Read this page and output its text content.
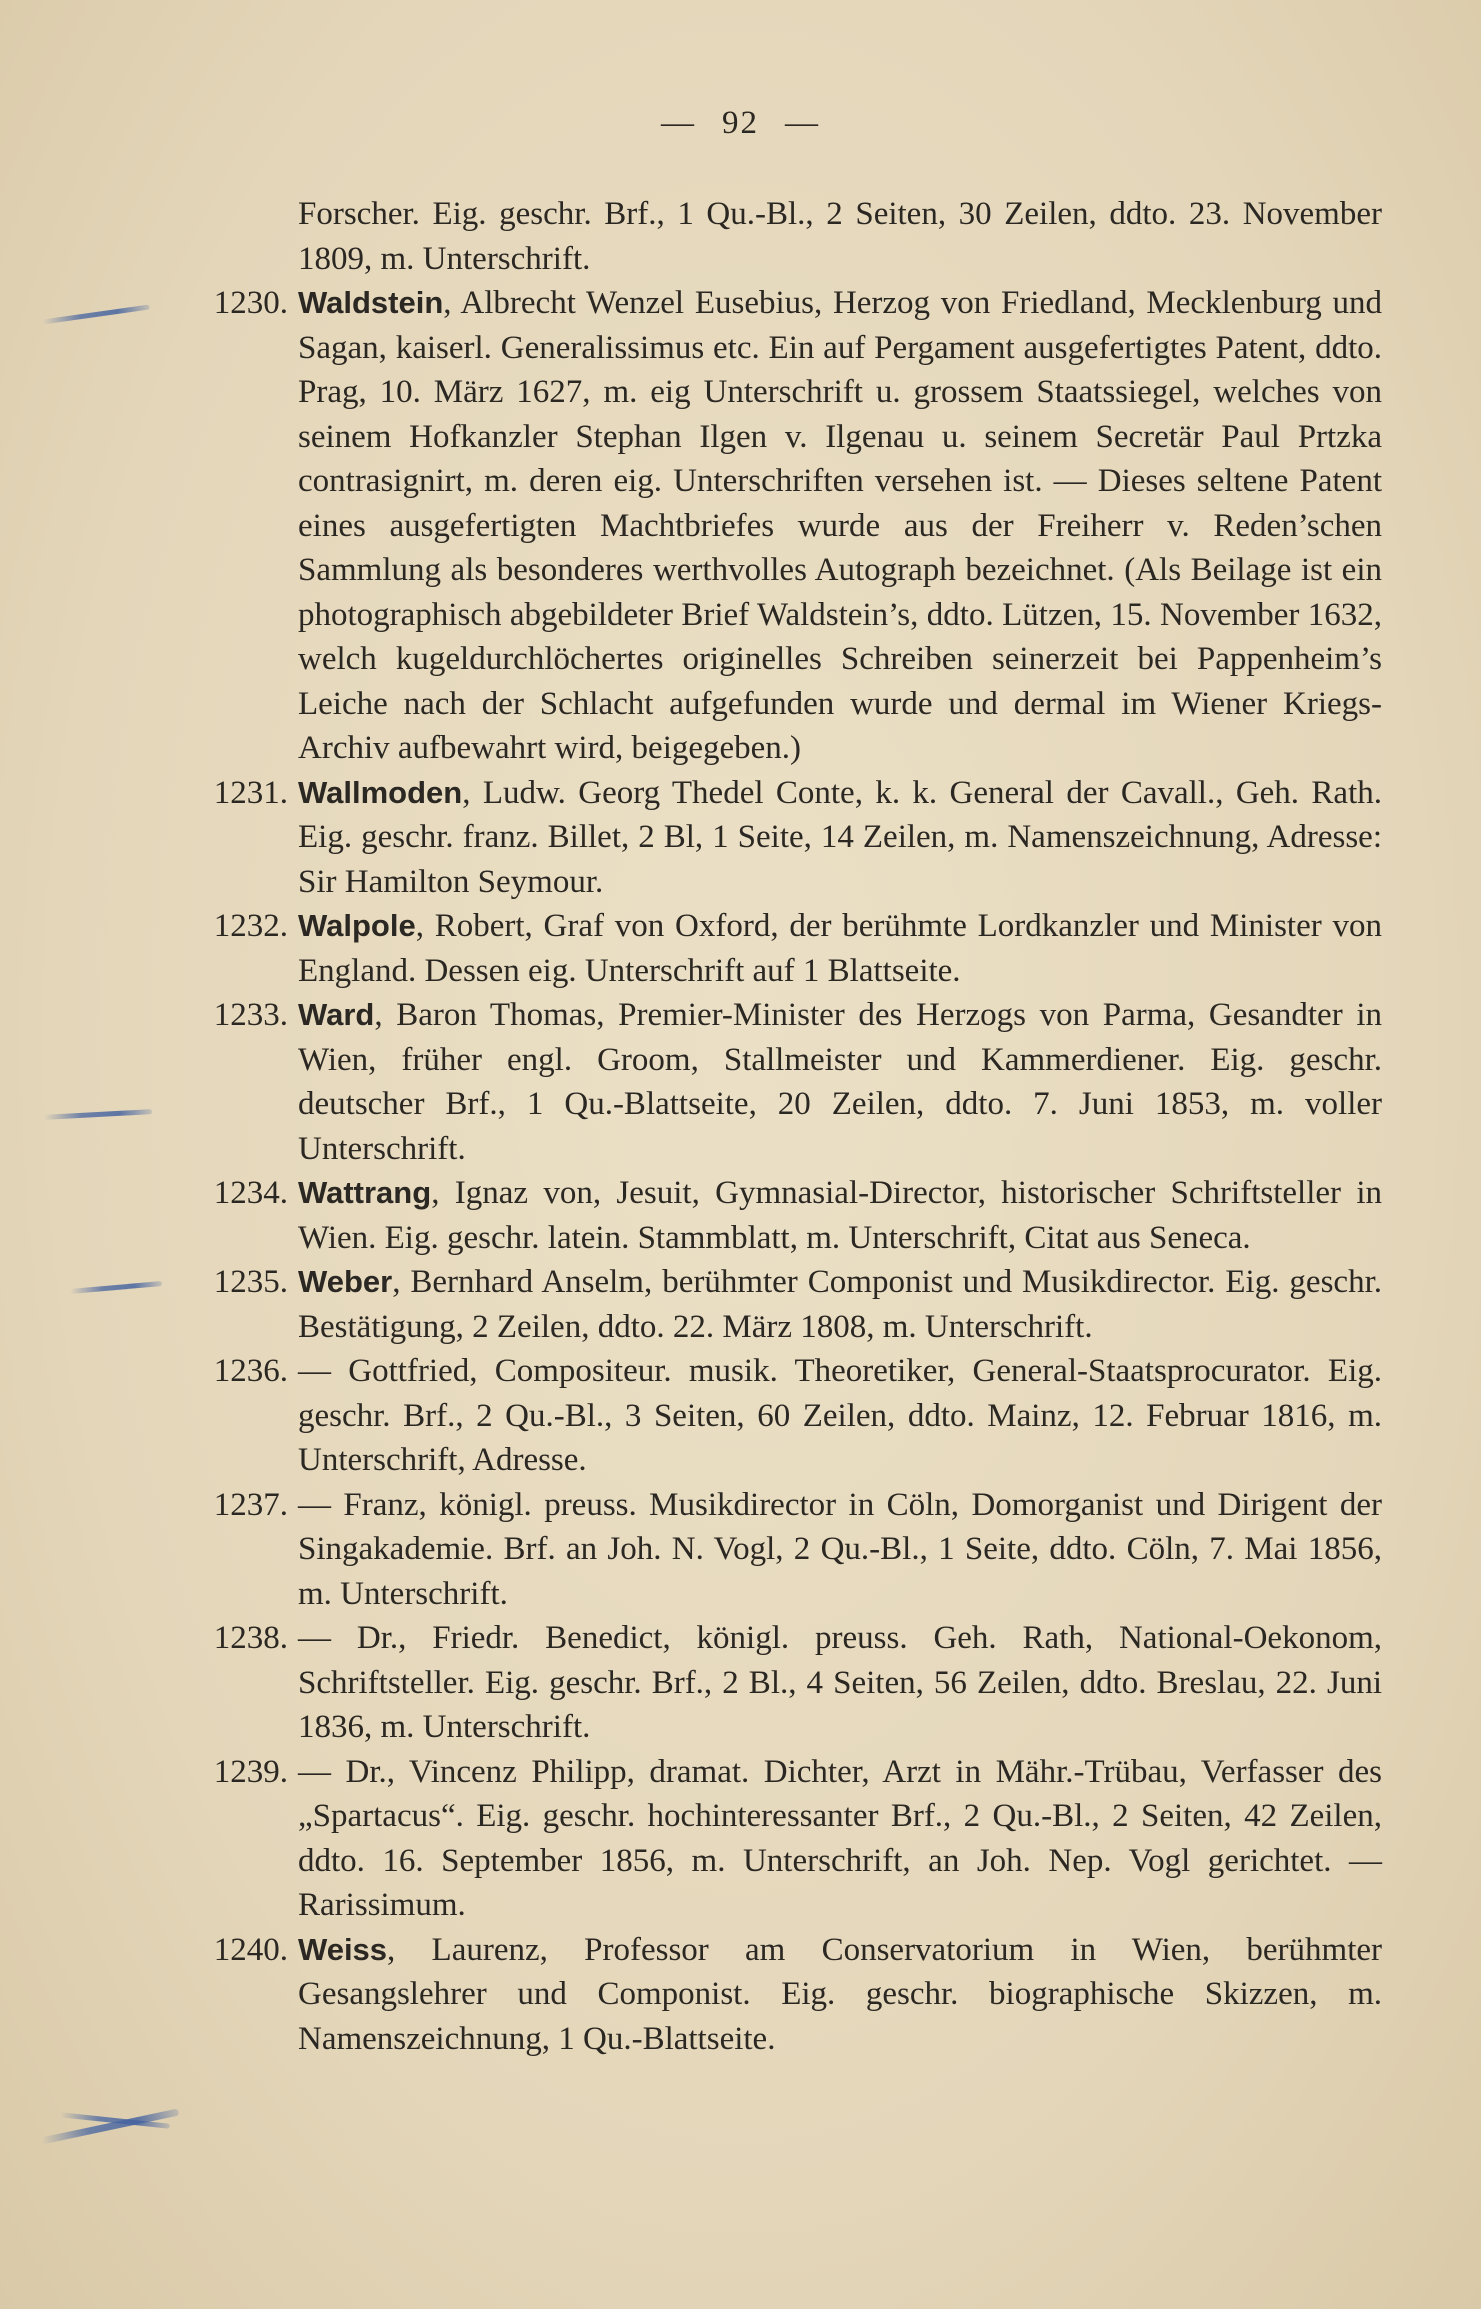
— 92 —
Forscher. Eig. geschr. Brf., 1 Qu.-Bl., 2 Seiten, 30 Zeilen, ddto. 23. November 1809, m. Unterschrift.
1230. Waldstein, Albrecht Wenzel Eusebius, Herzog von Friedland, Mecklenburg und Sagan, kaiserl. Generalissimus etc. Ein auf Pergament ausgefertigtes Patent, ddto. Prag, 10. März 1627, m. eig Unterschrift u. grossem Staatssiegel, welches von seinem Hofkanzler Stephan Ilgen v. Ilgenau u. seinem Secretär Paul Prtzka contrasignirt, m. deren eig. Unterschriften versehen ist. — Dieses seltene Patent eines ausgefertigten Machtbriefes wurde aus der Freiherr v. Reden’schen Sammlung als besonderes werthvolles Autograph bezeichnet. (Als Beilage ist ein photographisch abgebildeter Brief Waldstein’s, ddto. Lützen, 15. November 1632, welch kugeldurchlöchertes originelles Schreiben seinerzeit bei Pappenheim’s Leiche nach der Schlacht aufgefunden wurde und dermal im Wiener Kriegs-Archiv aufbewahrt wird, beigegeben.)
1231. Wallmoden, Ludw. Georg Thedel Conte, k. k. General der Cavall., Geh. Rath. Eig. geschr. franz. Billet, 2 Bl, 1 Seite, 14 Zeilen, m. Namenszeichnung, Adresse: Sir Hamilton Seymour.
1232. Walpole, Robert, Graf von Oxford, der berühmte Lordkanzler und Minister von England. Dessen eig. Unterschrift auf 1 Blattseite.
1233. Ward, Baron Thomas, Premier-Minister des Herzogs von Parma, Gesandter in Wien, früher engl. Groom, Stallmeister und Kammerdiener. Eig. geschr. deutscher Brf., 1 Qu.-Blattseite, 20 Zeilen, ddto. 7. Juni 1853, m. voller Unterschrift.
1234. Wattrang, Ignaz von, Jesuit, Gymnasial-Director, historischer Schriftsteller in Wien. Eig. geschr. latein. Stammblatt, m. Unterschrift, Citat aus Seneca.
1235. Weber, Bernhard Anselm, berühmter Componist und Musikdirector. Eig. geschr. Bestätigung, 2 Zeilen, ddto. 22. März 1808, m. Unterschrift.
1236. — Gottfried, Compositeur. musik. Theoretiker, General-Staatsprocurator. Eig. geschr. Brf., 2 Qu.-Bl., 3 Seiten, 60 Zeilen, ddto. Mainz, 12. Februar 1816, m. Unterschrift, Adresse.
1237. — Franz, königl. preuss. Musikdirector in Cöln, Domorganist und Dirigent der Singakademie. Brf. an Joh. N. Vogl, 2 Qu.-Bl., 1 Seite, ddto. Cöln, 7. Mai 1856, m. Unterschrift.
1238. — Dr., Friedr. Benedict, königl. preuss. Geh. Rath, National-Oekonom, Schriftsteller. Eig. geschr. Brf., 2 Bl., 4 Seiten, 56 Zeilen, ddto. Breslau, 22. Juni 1836, m. Unterschrift.
1239. — Dr., Vincenz Philipp, dramat. Dichter, Arzt in Mähr.-Trübau, Verfasser des „Spartacus“. Eig. geschr. hochinteressanter Brf., 2 Qu.-Bl., 2 Seiten, 42 Zeilen, ddto. 16. September 1856, m. Unterschrift, an Joh. Nep. Vogl gerichtet. — Rarissimum.
1240. Weiss, Laurenz, Professor am Conservatorium in Wien, berühmter Gesangslehrer und Componist. Eig. geschr. biographische Skizzen, m. Namenszeichnung, 1 Qu.-Blattseite.
